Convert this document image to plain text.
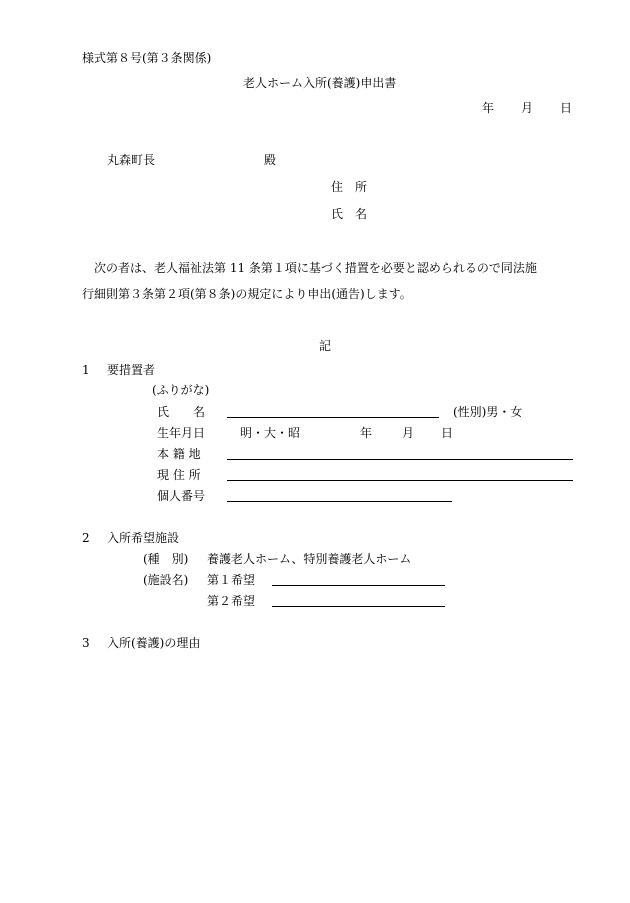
様式第８号(第３条関係)
老人ホーム入所(養護)申出書
年 月 日
丸森町長	殿
住　所
氏　名
次の者は、老人福祉法第 11 条第１項に基づく措置を必要と認められるので同法施
行細則第３条第２項(第８条)の規定により申出(通告)します。
記
1 要措置者
(ふりがな)
氏　　名	(性別)男・女
生年月日	明・大・昭	年 月 日
本 籍 地
現 住 所
個人番号
2 入所希望施設
(種　別) 養護老人ホーム、特別養護老人ホーム
(施設名) 第１希望
第２希望
3 入所(養護)の理由
